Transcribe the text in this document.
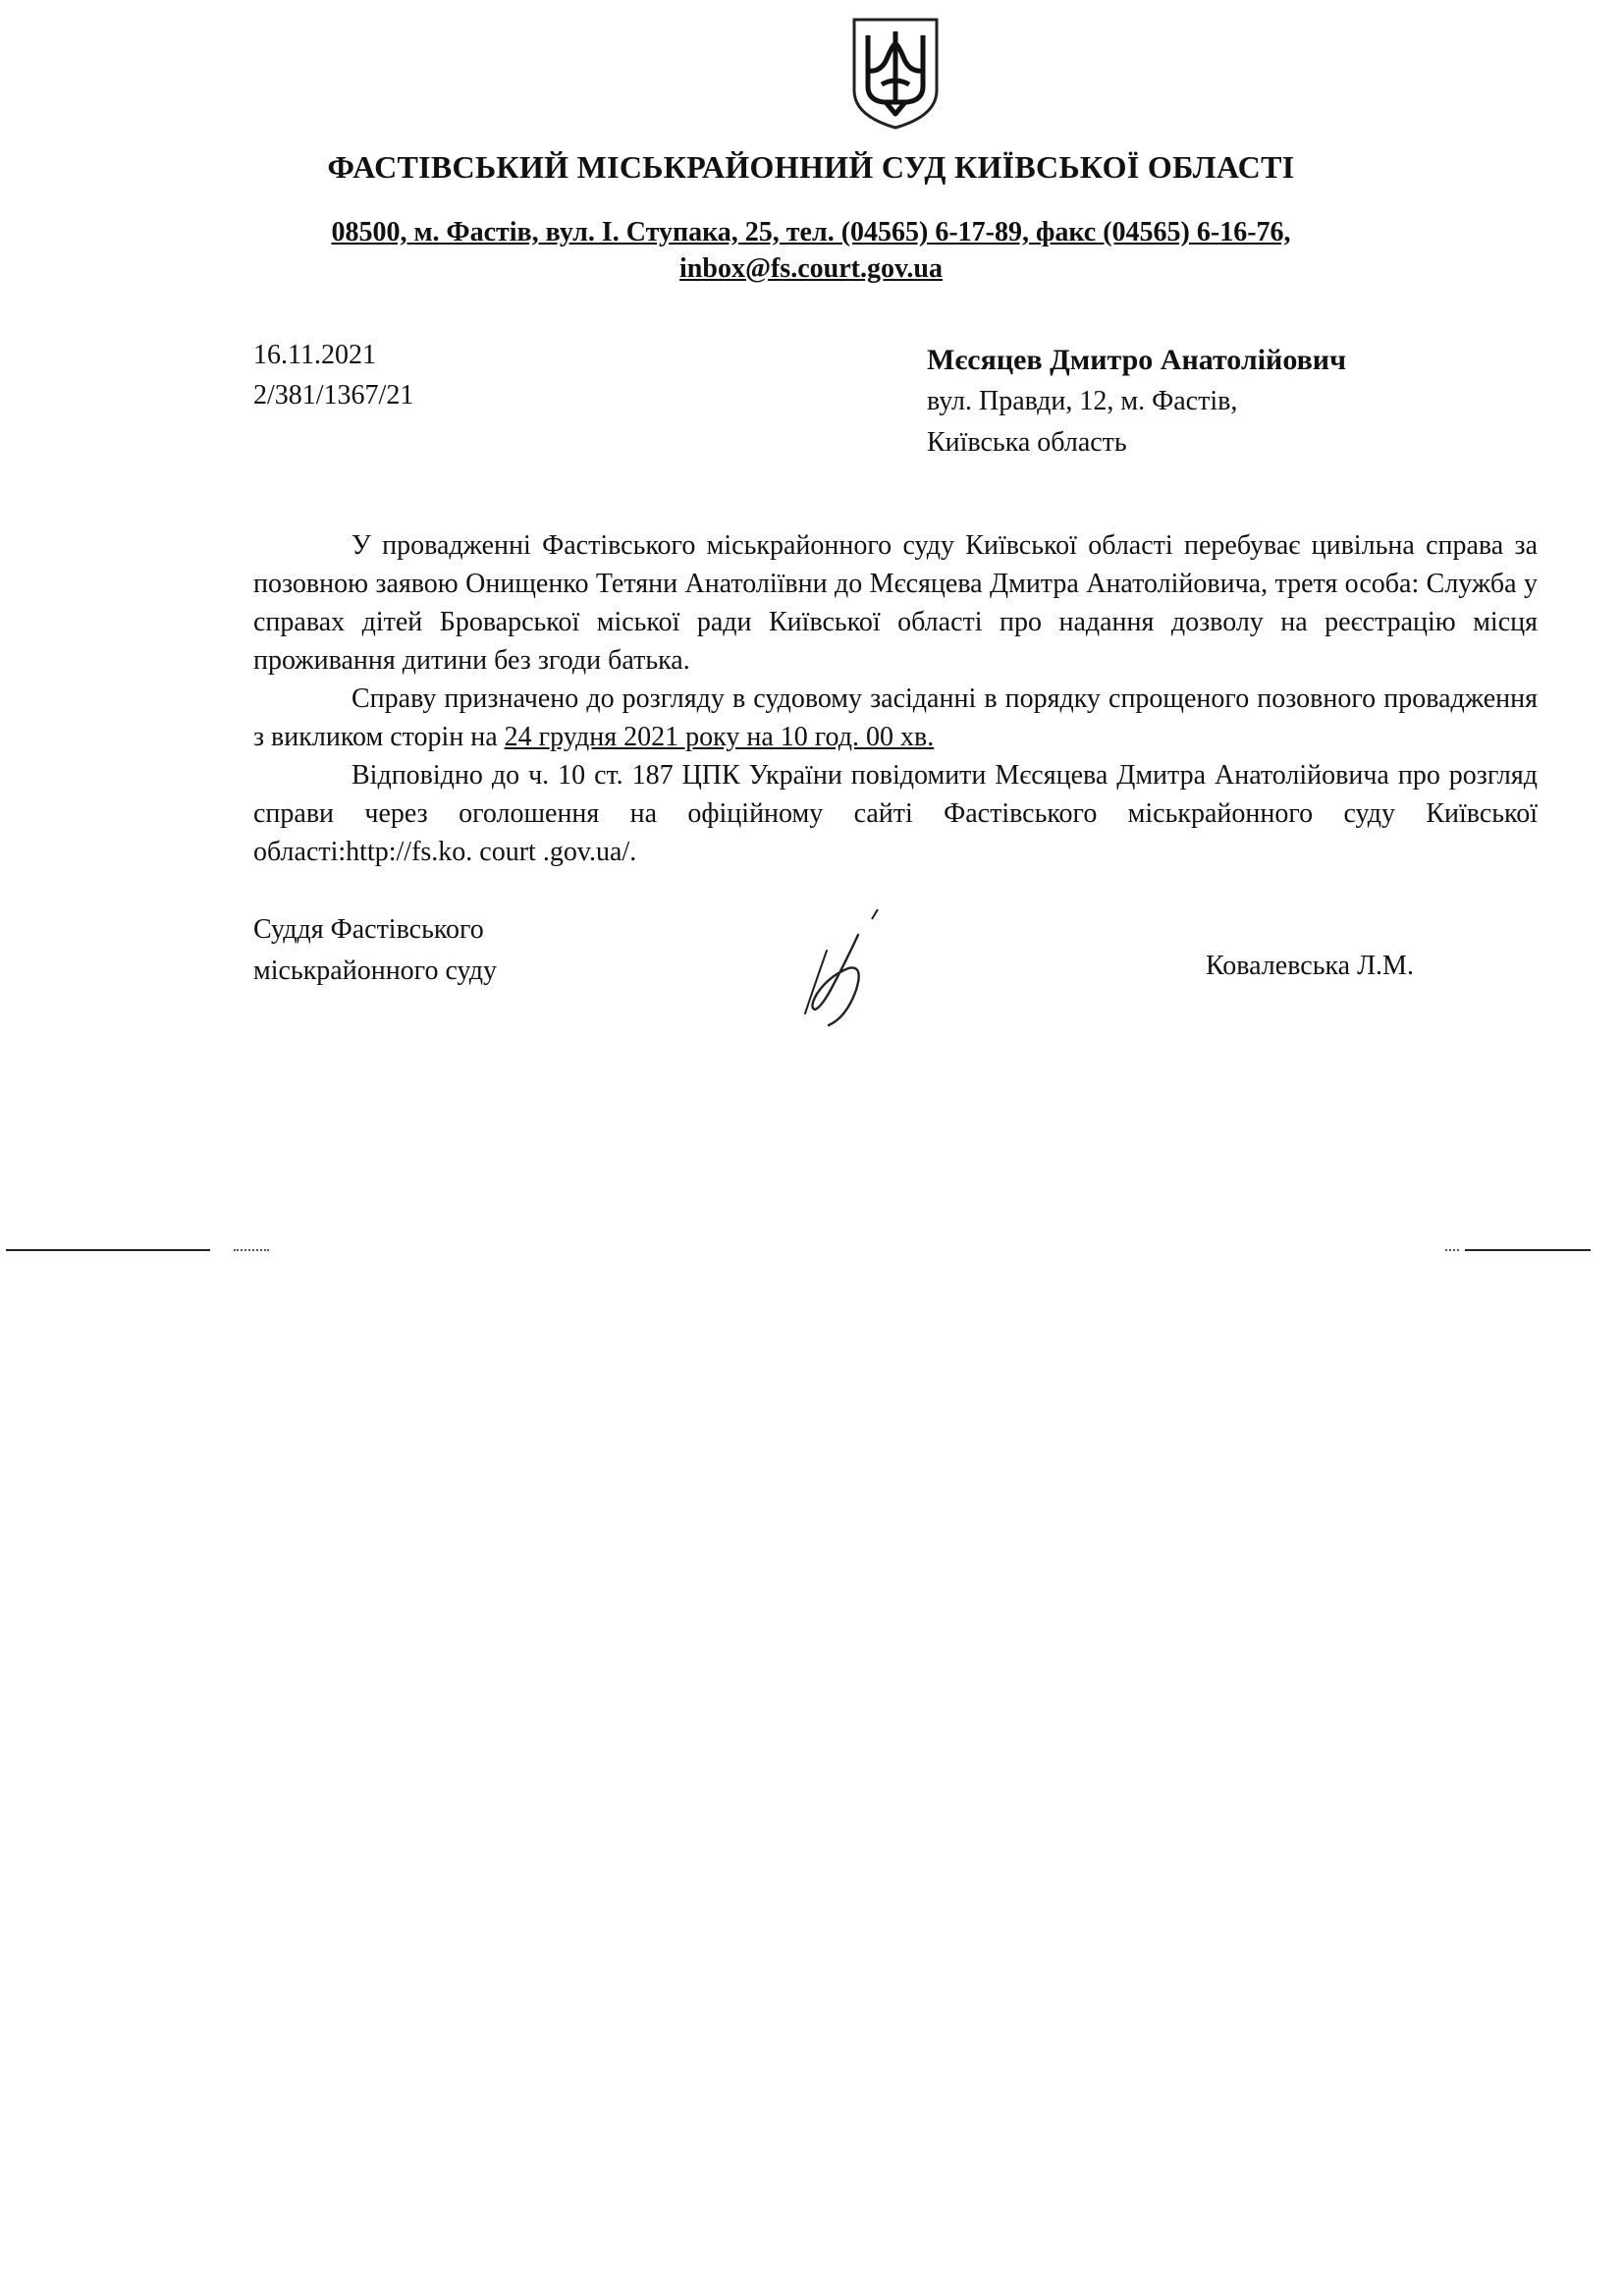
ФАСТІВСЬКИЙ МІСЬКРАЙОННИЙ СУД КИЇВСЬКОЇ ОБЛАСТІ
08500, м. Фастів, вул. І. Ступака, 25, тел. (04565) 6-17-89, факс (04565) 6-16-76,
inbox@fs.court.gov.ua
16.11.2021
2/381/1367/21
Мєсяцев Дмитро Анатолійович
вул. Правди, 12, м. Фастів,
Київська область

У провадженні Фастівського міськрайонного суду Київської області перебуває цивільна справа за позовною заявою Онищенко Тетяни Анатоліївни до Мєсяцева Дмитра Анатолійовича, третя особа: Служба у справах дітей Броварської міської ради Київської області про надання дозволу на реєстрацію місця проживання дитини без згоди батька.

Справу призначено до розгляду в судовому засіданні в порядку спрощеного позовного провадження з викликом сторін на 24 грудня 2021 року на 10 год. 00 хв.

Відповідно до ч. 10 ст. 187 ЦПК України повідомити Мєсяцева Дмитра Анатолійовича про розгляд справи через оголошення на офіційному сайті Фастівського міськрайонного суду Київської області:http://fs.ko. court .gov.ua/.

Суддя Фастівського
міськрайонного суду	Ковалевська Л.М.
